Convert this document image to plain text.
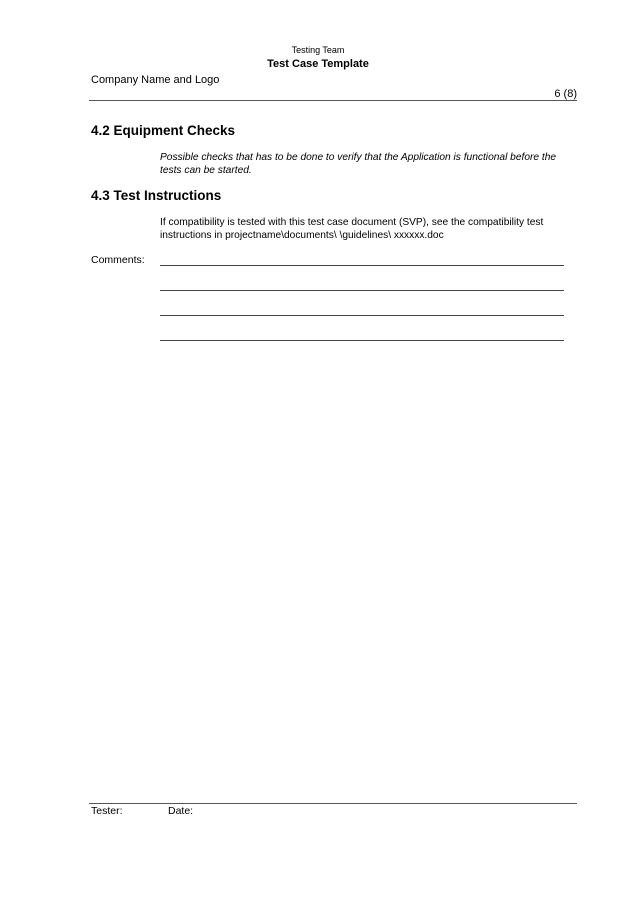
Testing Team
Test Case Template
Company Name and Logo
6 (8)
4.2 Equipment Checks
Possible checks that has to be done to verify that the Application is functional before the tests can be started.
4.3 Test Instructions
If compatibility is tested with this test case document (SVP), see the compatibility test instructions in projectname\documents\ \guidelines\ xxxxxx.doc
Comments:
Tester:	Date:
